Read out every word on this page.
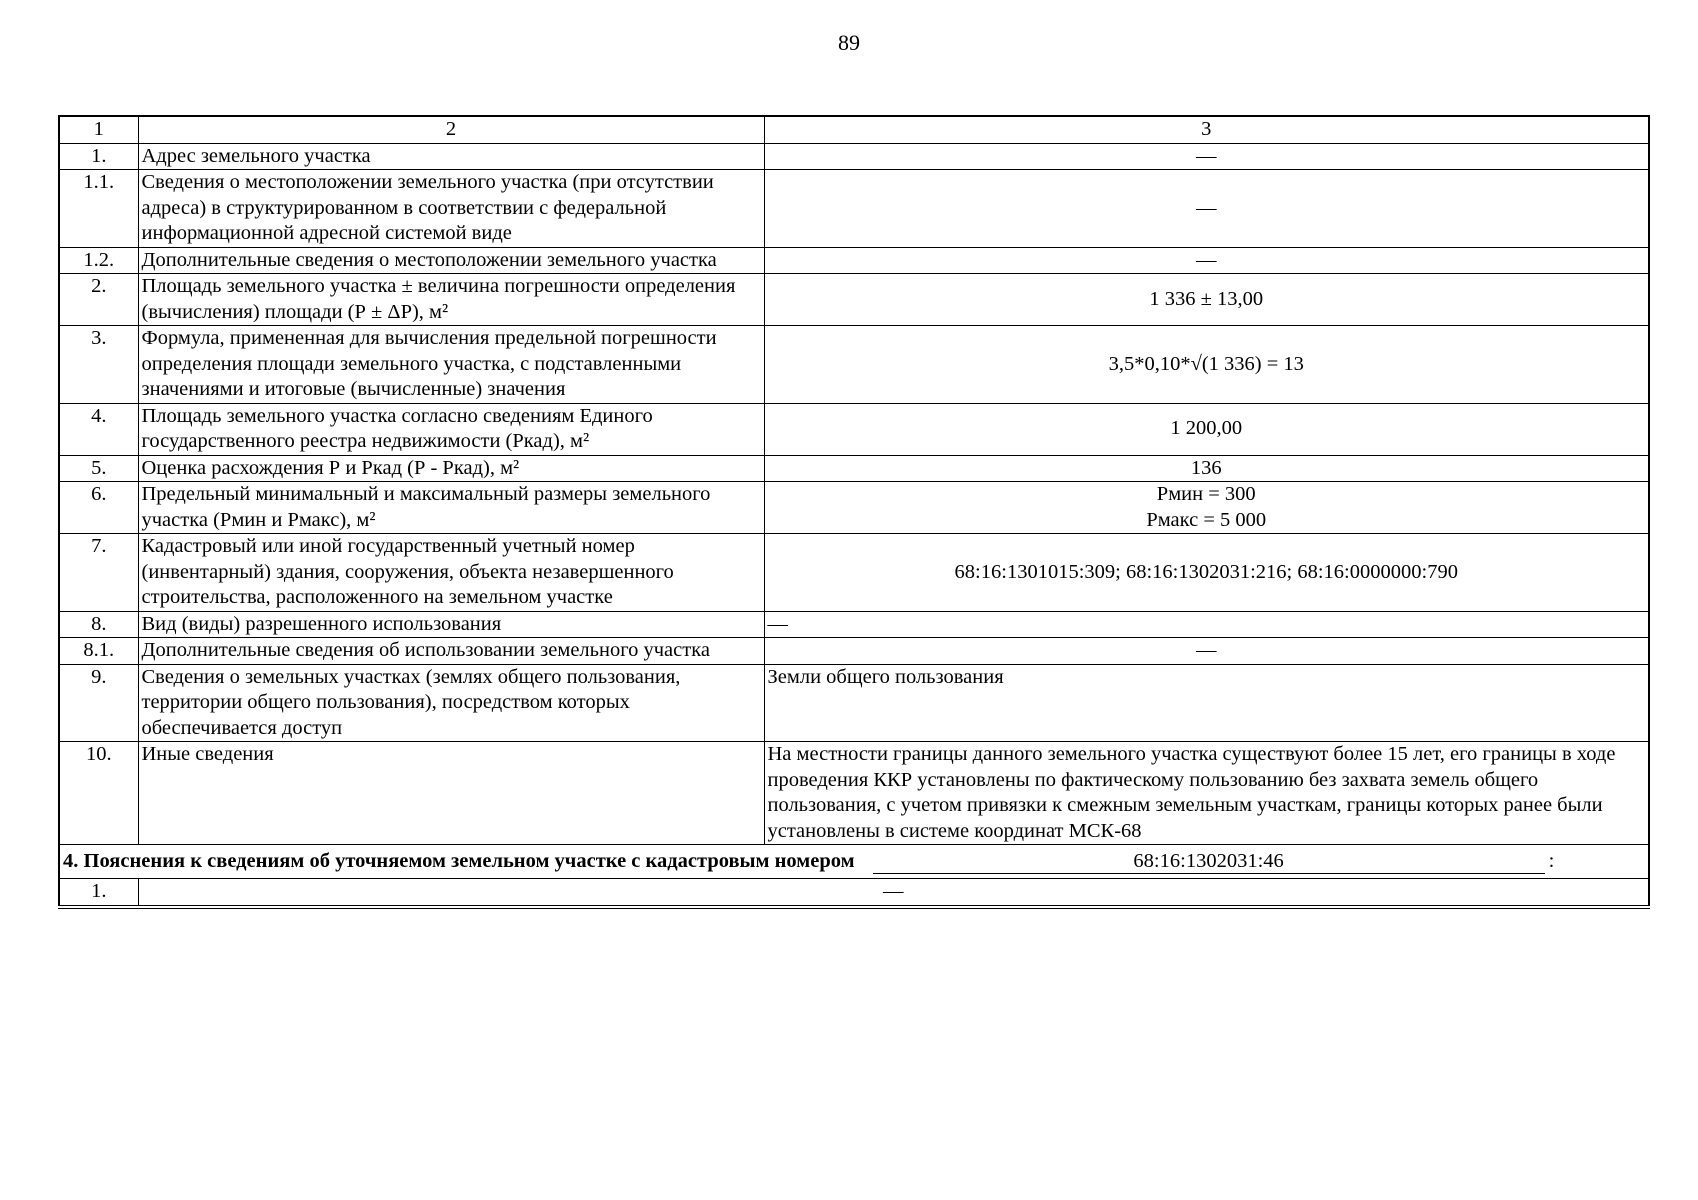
89
1	2	3
1.	Адрес земельного участка	—
1.1.	Сведения о местоположении земельного участка (при отсутствии адреса) в структурированном в соответствии с федеральной информационной адресной системой виде	—
1.2.	Дополнительные сведения о местоположении земельного участка	—
2.	Площадь земельного участка ± величина погрешности определения (вычисления) площади (Р ± ΔР), м²	1 336 ± 13,00
3.	Формула, примененная для вычисления предельной погрешности определения площади земельного участка, с подставленными значениями и итоговые (вычисленные) значения	3,5*0,10*√(1 336) = 13
4.	Площадь земельного участка согласно сведениям Единого государственного реестра недвижимости (Ркад), м²	1 200,00
5.	Оценка расхождения Р и Ркад (Р - Ркад), м²	136
6.	Предельный минимальный и максимальный размеры земельного участка (Рмин и Рмакс), м²	Рмин = 300
Рмакс = 5 000
7.	Кадастровый или иной государственный учетный номер (инвентарный) здания, сооружения, объекта незавершенного строительства, расположенного на земельном участке	68:16:1301015:309; 68:16:1302031:216; 68:16:0000000:790
8.	Вид (виды) разрешенного использования	—
8.1.	Дополнительные сведения об использовании земельного участка	—
9.	Сведения о земельных участках (землях общего пользования, территории общего пользования), посредством которых обеспечивается доступ	Земли общего пользования
10.	Иные сведения	На местности границы данного земельного участка существуют более 15 лет, его границы в ходе проведения ККР установлены по фактическому пользованию без захвата земель общего пользования, с учетом привязки к смежным земельным участкам, границы которых ранее были установлены в системе координат МСК-68

4. Пояснения к сведениям об уточняемом земельном участке с кадастровым номером 68:16:1302031:46 :		

1.	—	
